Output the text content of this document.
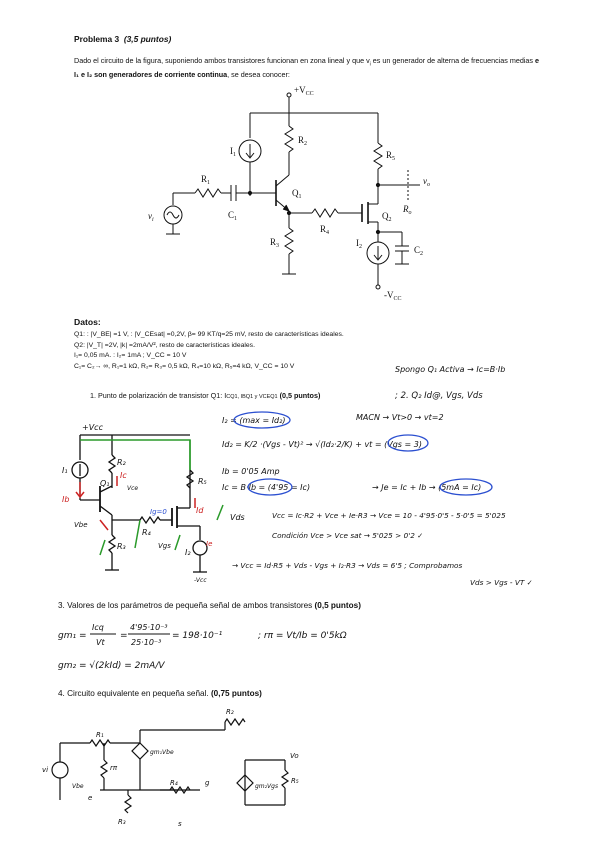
Problema 3 (3,5 puntos)
Dado el circuito de la figura, suponiendo ambos transistores funcionan en zona lineal y que $v_i$ es un generador de alterna de frecuencias medias e I₁ e I₂ son generadores de corriente continua, se desea conocer:
$+V_{CC}$
$I_1$
$R_2$
$R_5$
$R_1$
$Q_1$
$v_o$
$v_i$	$C_1$
$R_4$
$Q_2$
$R_o$
$R_3$	$I_2$	$C_2$
$-V_{CC}$
Datos:
Q1: : |V_BE| =1 V, : |V_CEsat| =0,2V, β= 99 KT/q=25 mV, resto de características ideales.
Q2: |V_T| =2V, |k| =2mA/V², resto de características ideales.
I₁= 0,05 mA. : I₂= 1mA ; V_CC = 10 V
C₁= C₂→ ∞, R₁=1 kΩ, R₂= R₃= 0,5 kΩ, R₄=10 kΩ, R₅=4 kΩ, V_CC = 10 V
1. Punto de polarización de transistor Q1: ICQ1, IBQ1 y VCEQ1 (0,5 puntos)
3. Valores de los parámetros de pequeña señal de ambos transistores (0,5 puntos)
4. Circuito equivalente en pequeña señal. (0,75 puntos)
Spongo Q₁ Activa → Ic=B·Ib
; 2. Q₂ Id@, Vgs, Vds
+Vcc
I₁
Ib
Ic
Vce
Vbe
Q₁
R₂
R₅
Id
Vds
R₄
Vgs
Ig=0
R₃
I₂
Ie
-Vcc
I₂ = (max = Id₂)	MACN → Vt>0 → vt=2
Id₂ = K/2 ·(Vgs - Vt)² → √(Id₂·2/K) + vt = (Vgs = 3)
Ib = 0'05 Amp
Ic = B·Ib = (4'95 = Ic)	→ Je = Ic + Ib → (5mA = Ic)
Vcc = Ic·R2 + Vce + Ie·R3 → Vce = 10 - 4'95·0'5 - 5·0'5 = 5'025
Condición Vce > Vce sat → 5'025 > 0'2 ✓
→ Vcc = Id·R5 + Vds - Vgs + I₂·R3 → Vds = 6'5 ; Comprobamos
Vds > Vgs - VT ✓
gm₁ =
Icq
Vt
=
4'95·10⁻³
25·10⁻³
= 198·10⁻¹	; rπ = Vt/Ib = 0'5kΩ
gm₂ = √(2kId) = 2mA/V
R₁
vi
Vbe
rπ
gm₁Vbe
R₂
R₃
R₄	g
s
e
gm₂Vgs
Vo
R₅
